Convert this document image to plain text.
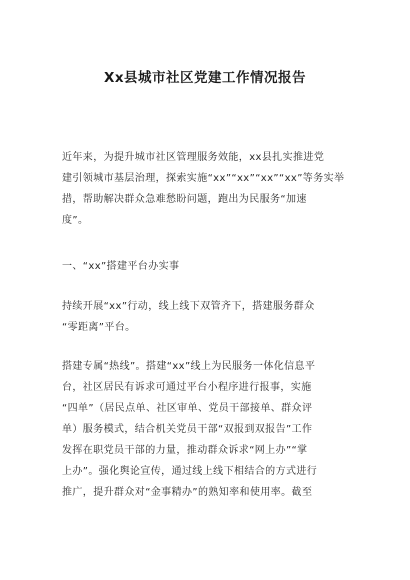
Xx县城市社区党建工作情况报告
近年来，为提升城市社区管理服务效能，xx县扎实推进党
建引领城市基层治理，探索实施“xx”“xx”“xx”“xx”等务实举
措，帮助解决群众急难愁盼问题，跑出为民服务“加速
度”。
一、“xx”搭建平台办实事
持续开展“xx”行动，线上线下双管齐下，搭建服务群众
“零距离”平台。
搭建专属“热线”。搭建“xx”线上为民服务一体化信息平
台，社区居民有诉求可通过平台小程序进行报事，实施
“四单”（居民点单、社区审单、党员干部接单、群众评
单）服务模式，结合机关党员干部“双报到双报告”工作
发挥在职党员干部的力量，推动群众诉求“网上办”“掌
上办”。强化舆论宣传，通过线上线下相结合的方式进行
推广，提升群众对“金事精办”的熟知率和使用率。截至
